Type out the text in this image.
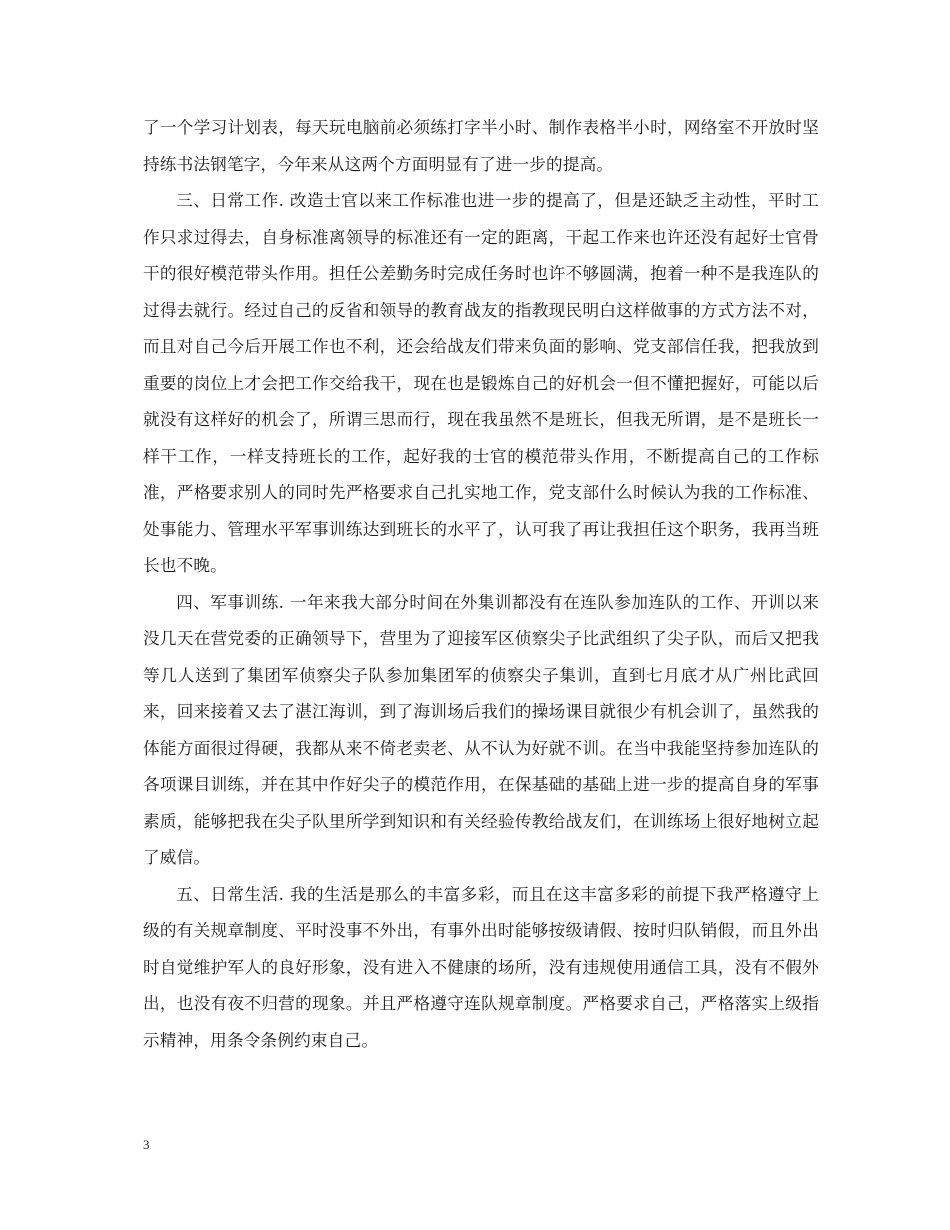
了一个学习计划表，每天玩电脑前必须练打字半小时、制作表格半小时，网络室不开放时坚持练书法钢笔字，今年来从这两个方面明显有了进一步的提高。

三、日常工作. 改造士官以来工作标准也进一步的提高了，但是还缺乏主动性，平时工作只求过得去，自身标准离领导的标准还有一定的距离，干起工作来也许还没有起好士官骨干的很好模范带头作用。担任公差勤务时完成任务时也许不够圆满，抱着一种不是我连队的过得去就行。经过自己的反省和领导的教育战友的指教现民明白这样做事的方式方法不对，而且对自己今后开展工作也不利，还会给战友们带来负面的影响、党支部信任我，把我放到重要的岗位上才会把工作交给我干，现在也是锻炼自己的好机会一但不懂把握好，可能以后就没有这样好的机会了，所谓三思而行，现在我虽然不是班长，但我无所谓，是不是班长一样干工作，一样支持班长的工作，起好我的士官的模范带头作用，不断提高自己的工作标准，严格要求别人的同时先严格要求自己扎实地工作，党支部什么时候认为我的工作标准、处事能力、管理水平军事训练达到班长的水平了，认可我了再让我担任这个职务，我再当班长也不晚。

四、军事训练. 一年来我大部分时间在外集训都没有在连队参加连队的工作、开训以来没几天在营党委的正确领导下，营里为了迎接军区侦察尖子比武组织了尖子队，而后又把我等几人送到了集团军侦察尖子队参加集团军的侦察尖子集训，直到七月底才从广州比武回来，回来接着又去了湛江海训，到了海训场后我们的操场课目就很少有机会训了，虽然我的体能方面很过得硬，我都从来不倚老卖老、从不认为好就不训。在当中我能坚持参加连队的各项课目训练，并在其中作好尖子的模范作用，在保基础的基础上进一步的提高自身的军事素质，能够把我在尖子队里所学到知识和有关经验传教给战友们，在训练场上很好地树立起了威信。

五、日常生活. 我的生活是那么的丰富多彩，而且在这丰富多彩的前提下我严格遵守上级的有关规章制度、平时没事不外出，有事外出时能够按级请假、按时归队销假，而且外出时自觉维护军人的良好形象，没有进入不健康的场所，没有违规使用通信工具，没有不假外出，也没有夜不归营的现象。并且严格遵守连队规章制度。严格要求自己，严格落实上级指示精神，用条令条例约束自己。

3
